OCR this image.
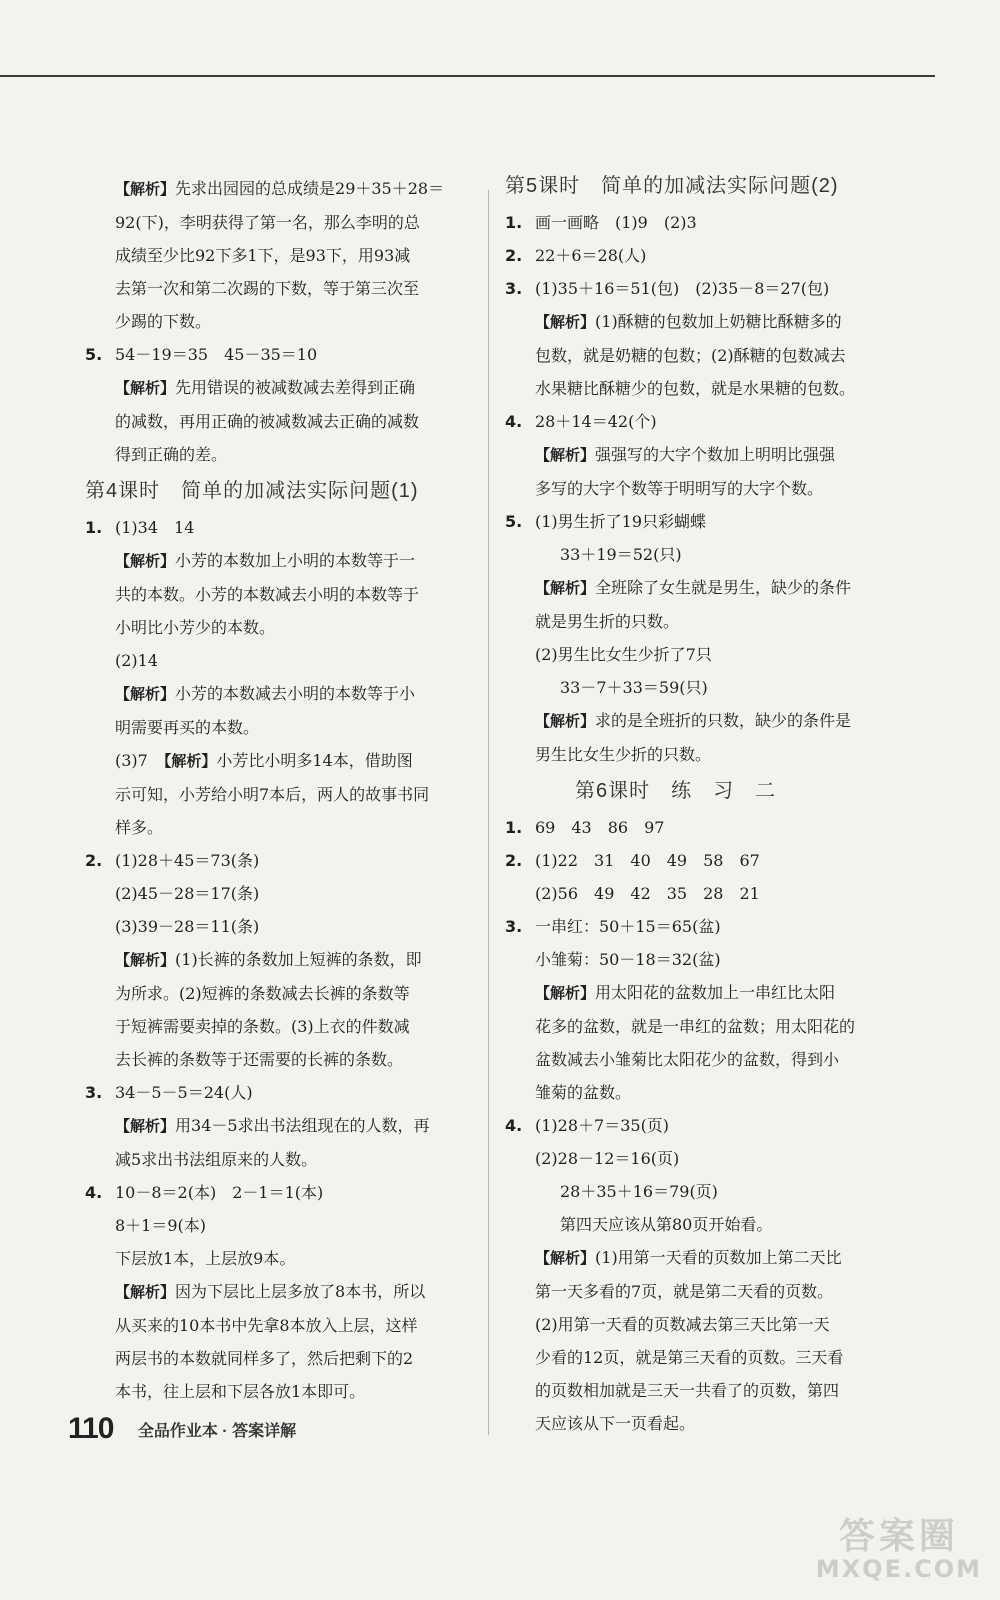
【解析】先求出园园的总成绩是29＋35＋28＝
92(下)，李明获得了第一名，那么李明的总
成绩至少比92下多1下，是93下，用93减
去第一次和第二次踢的下数，等于第三次至
少踢的下数。
5. 54－19＝35　45－35＝10
【解析】先用错误的被减数减去差得到正确
的减数，再用正确的被减数减去正确的减数
得到正确的差。
第4课时　简单的加减法实际问题(1)
1. (1)34　14
【解析】小芳的本数加上小明的本数等于一
共的本数。小芳的本数减去小明的本数等于
小明比小芳少的本数。
(2)14
【解析】小芳的本数减去小明的本数等于小
明需要再买的本数。
(3)7　【解析】小芳比小明多14本，借助图
示可知，小芳给小明7本后，两人的故事书同
样多。
2. (1)28＋45＝73(条)
(2)45－28＝17(条)
(3)39－28＝11(条)
【解析】(1)长裤的条数加上短裤的条数，即
为所求。(2)短裤的条数减去长裤的条数等
于短裤需要卖掉的条数。(3)上衣的件数减
去长裤的条数等于还需要的长裤的条数。
3. 34－5－5＝24(人)
【解析】用34－5求出书法组现在的人数，再
减5求出书法组原来的人数。
4. 10－8＝2(本)　2－1＝1(本)
8＋1＝9(本)
下层放1本，上层放9本。
【解析】因为下层比上层多放了8本书，所以
从买来的10本书中先拿8本放入上层，这样
两层书的本数就同样多了，然后把剩下的2
本书，往上层和下层各放1本即可。
第5课时　简单的加减法实际问题(2)
1. 画一画略　(1)9　(2)3
2. 22＋6＝28(人)
3. (1)35＋16＝51(包)　(2)35－8＝27(包)
【解析】(1)酥糖的包数加上奶糖比酥糖多的
包数，就是奶糖的包数；(2)酥糖的包数减去
水果糖比酥糖少的包数，就是水果糖的包数。
4. 28＋14＝42(个)
【解析】强强写的大字个数加上明明比强强
多写的大字个数等于明明写的大字个数。
5. (1)男生折了19只彩蝴蝶
33＋19＝52(只)
【解析】全班除了女生就是男生，缺少的条件
就是男生折的只数。
(2)男生比女生少折了7只
33－7＋33＝59(只)
【解析】求的是全班折的只数，缺少的条件是
男生比女生少折的只数。
第6课时　练　习　二
1. 69　43　86　97
2. (1)22　31　40　49　58　67
(2)56　49　42　35　28　21
3. 一串红：50＋15＝65(盆)
小雏菊：50－18＝32(盆)
【解析】用太阳花的盆数加上一串红比太阳
花多的盆数，就是一串红的盆数；用太阳花的
盆数减去小雏菊比太阳花少的盆数，得到小
雏菊的盆数。
4. (1)28＋7＝35(页)
(2)28－12＝16(页)
28＋35＋16＝79(页)
第四天应该从第80页开始看。
【解析】(1)用第一天看的页数加上第二天比
第一天多看的7页，就是第二天看的页数。
(2)用第一天看的页数减去第三天比第一天
少看的12页，就是第三天看的页数。三天看
的页数相加就是三天一共看了的页数，第四
天应该从下一页看起。
110 全品作业本 · 答案详解
答案圈
MXQE.COM
